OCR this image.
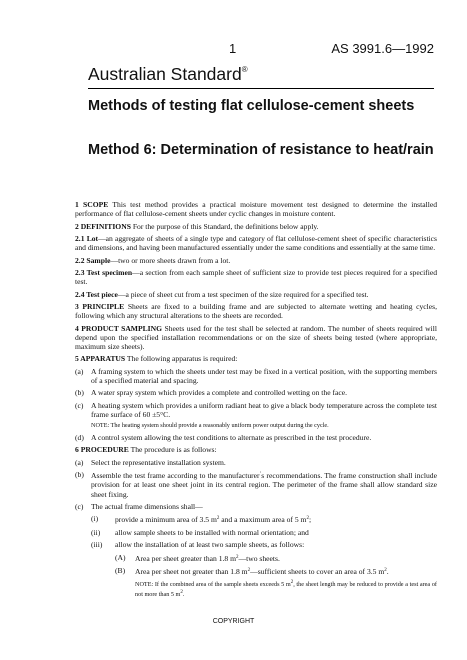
1	AS 3991.6—1992
Australian Standard®
Methods of testing flat cellulose-cement sheets
Method 6: Determination of resistance to heat/rain

1 SCOPE This test method provides a practical moisture movement test designed to determine the installed performance of flat cellulose-cement sheets under cyclic changes in moisture content.

2 DEFINITIONS For the purpose of this Standard, the definitions below apply.

2.1 Lot—an aggregate of sheets of a single type and category of flat cellulose-cement sheet of specific characteristics and dimensions, and having been manufactured essentially under the same conditions and essentially at the same time.

2.2 Sample—two or more sheets drawn from a lot.

2.3 Test specimen—a section from each sample sheet of sufficient size to provide test pieces required for a specified test.

2.4 Test piece—a piece of sheet cut from a test specimen of the size required for a specified test.

3 PRINCIPLE Sheets are fixed to a building frame and are subjected to alternate wetting and heating cycles, following which any structural alterations to the sheets are recorded.

4 PRODUCT SAMPLING Sheets used for the test shall be selected at random. The number of sheets required will depend upon the specified installation recommendations or on the size of sheets being tested (where appropriate, maximum size sheets).

5 APPARATUS The following apparatus is required:

(a) A framing system to which the sheets under test may be fixed in a vertical position, with the supporting members of a specified material and spacing.
(b) A water spray system which provides a complete and controlled wetting on the face.
(c) A heating system which provides a uniform radiant heat to give a black body temperature across the complete test frame surface of 60 ±5°C.
NOTE: The heating system should provide a reasonably uniform power output during the cycle.
(d) A control system allowing the test conditions to alternate as prescribed in the test procedure.

6 PROCEDURE The procedure is as follows:

(a) Select the representative installation system.
(b) Assemble the test frame according to the manufacturer’s recommendations. The frame construction shall include provision for at least one sheet joint in its central region. The perimeter of the frame shall allow standard size sheet fixing.
(c) The actual frame dimensions shall—
(i)	provide a minimum area of 3.5 $m^2$ and a maximum area of 5 $m^2$;
(ii)	allow sample sheets to be installed with normal orientation; and
(iii)	allow the installation of at least two sample sheets, as follows:
(A)	Area per sheet greater than 1.8 $m^2—two$ sheets.
(B)	Area per sheet not greater than 1.8 $m^2—sufficient$ sheets to cover an area of 3.5 $m^2$.
NOTE: If the combined area of the sample sheets exceeds 5 $m^2$, the sheet length may be reduced to provide a test area of not more than 5 $m^2$.
COPYRIGHT
